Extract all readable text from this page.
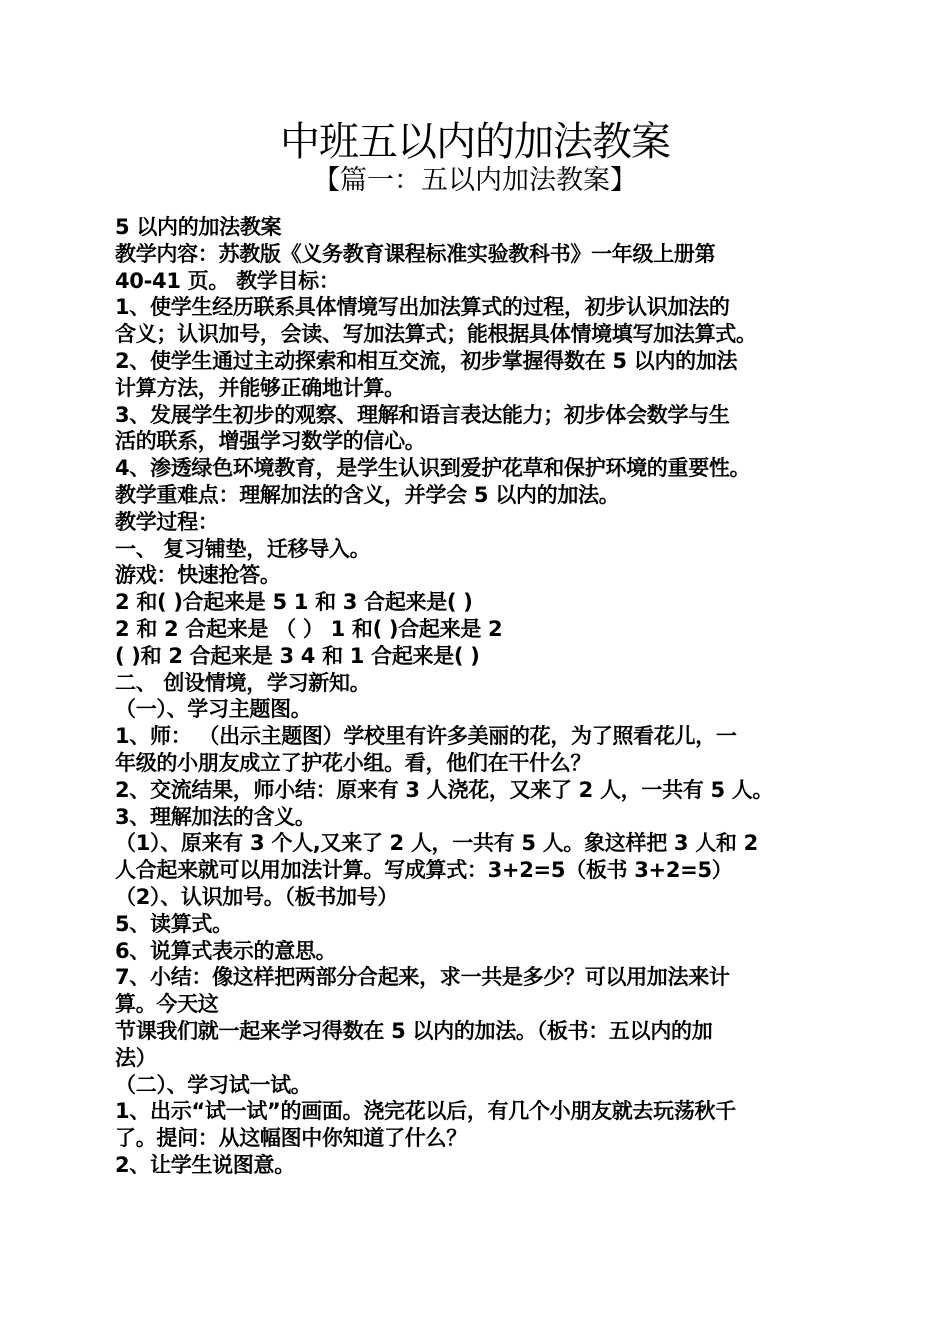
中班五以内的加法教案
【篇一：五以内加法教案】
5 以内的加法教案
教学内容：苏教版《义务教育课程标准实验教科书》一年级上册第
40-41 页。 教学目标：
1、使学生经历联系具体情境写出加法算式的过程，初步认识加法的
含义；认识加号，会读、写加法算式；能根据具体情境填写加法算式。
2、使学生通过主动探索和相互交流，初步掌握得数在 5 以内的加法
计算方法，并能够正确地计算。
3、发展学生初步的观察、理解和语言表达能力；初步体会数学与生
活的联系，增强学习数学的信心。
4、渗透绿色环境教育，是学生认识到爱护花草和保护环境的重要性。
教学重难点：理解加法的含义，并学会 5 以内的加法。
教学过程：
一、 复习铺垫，迁移导入。
游戏：快速抢答。
2 和( )合起来是 5 1 和 3 合起来是( )
2 和 2 合起来是 （ ） 1 和( )合起来是 2
( )和 2 合起来是 3 4 和 1 合起来是( )
二、 创设情境，学习新知。
（一）、学习主题图。
1、师： （出示主题图）学校里有许多美丽的花，为了照看花儿，一
年级的小朋友成立了护花小组。看，他们在干什么？
2、交流结果，师小结：原来有 3 人浇花，又来了 2 人，一共有 5 人。
3、理解加法的含义。
（1）、原来有 3 个人,又来了 2 人，一共有 5 人。象这样把 3 人和 2
人合起来就可以用加法计算。写成算式：3+2=5（板书 3+2=5）
（2）、认识加号。（板书加号）
5、读算式。
6、说算式表示的意思。
7、小结：像这样把两部分合起来，求一共是多少？可以用加法来计
算。今天这
节课我们就一起来学习得数在 5 以内的加法。（板书：五以内的加
法）
（二）、学习试一试。
1、出示“试一试”的画面。浇完花以后，有几个小朋友就去玩荡秋千
了。提问：从这幅图中你知道了什么？
2、让学生说图意。
